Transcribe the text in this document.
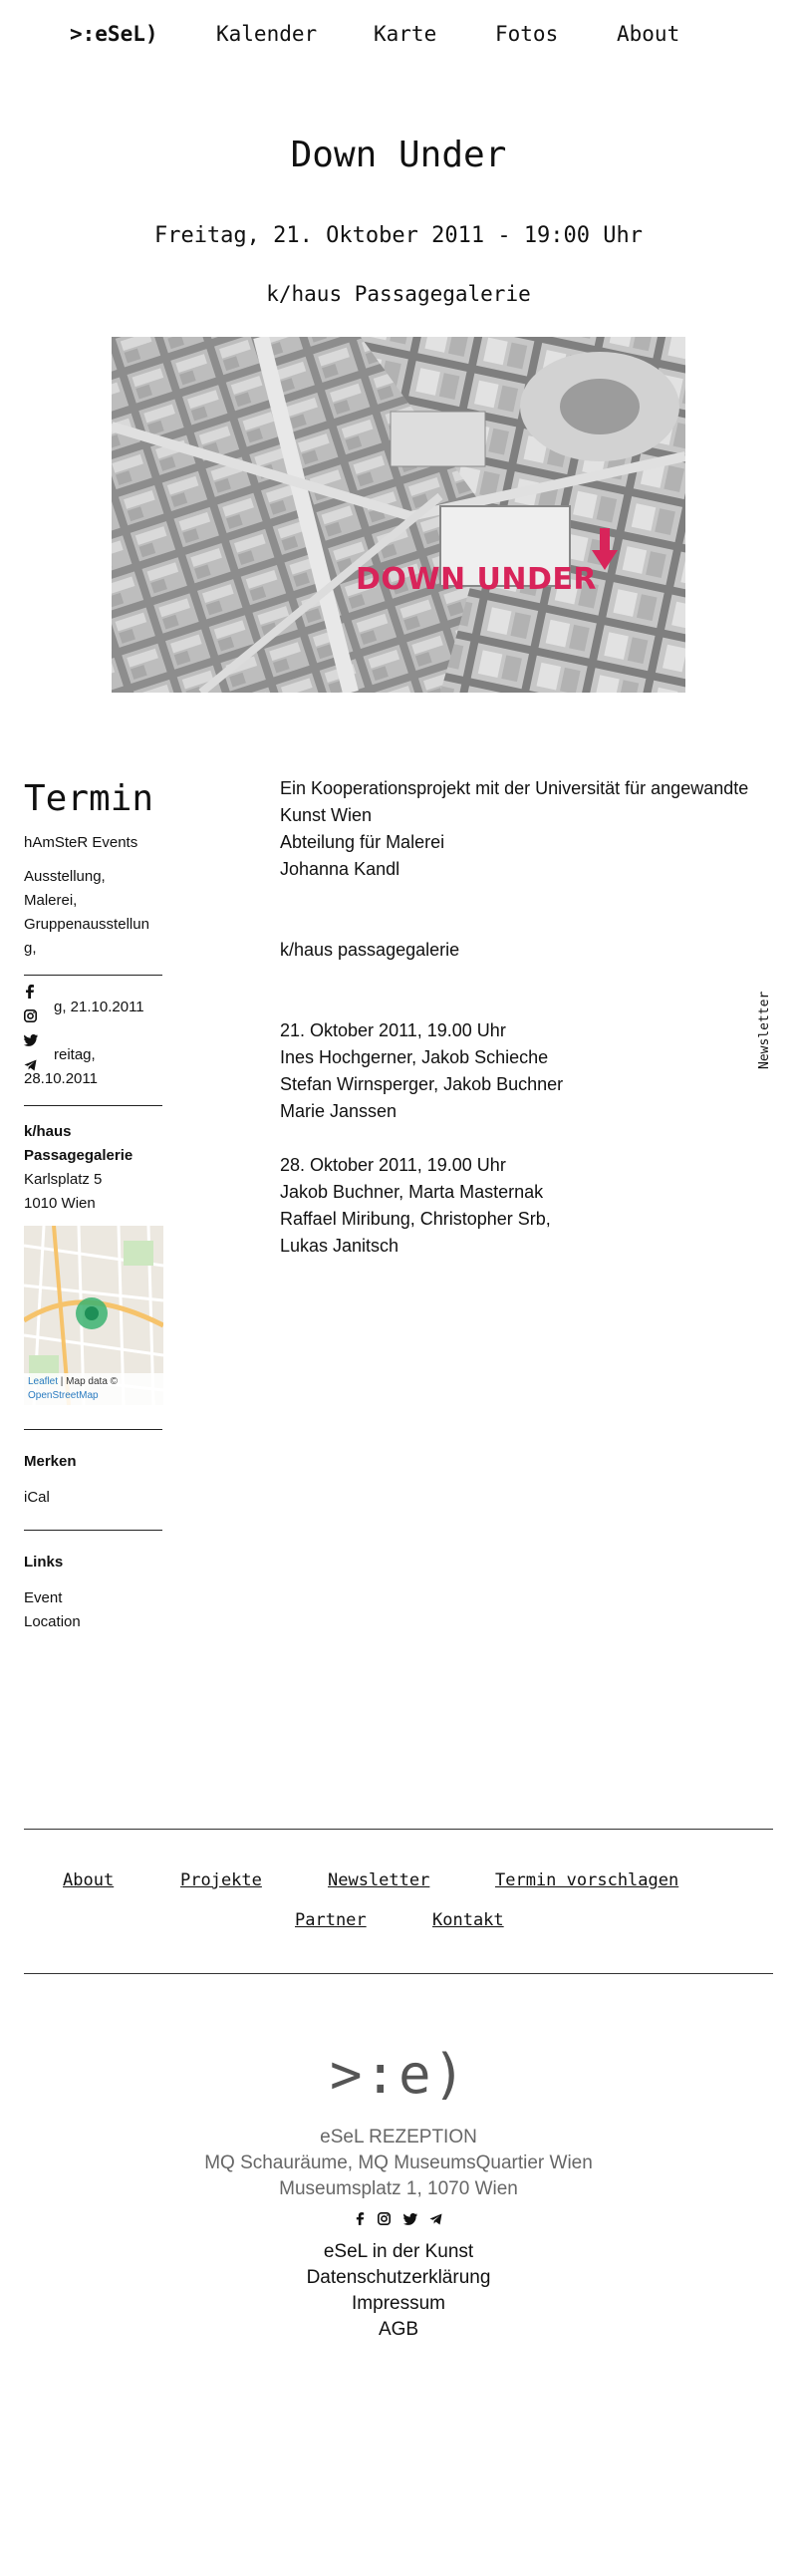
>:eSeL)	Kalender	Karte	Fotos	About
Down Under
Freitag, 21. Oktober 2011 - 19:00 Uhr
k/haus Passagegalerie
DOWN UNDER
Termin
hAmSteR Events
Ausstellung,
Malerei,
Gruppenausstellun
g,
g, 21.10.2011
reitag,
28.10.2011
k/haus
Passagegalerie
Karlsplatz 5
1010 Wien
Leaflet | Map data ©
OpenStreetMap
Merken
iCal
Links
Event
Location

Ein Kooperationsprojekt mit der Universität für angewandte

Kunst Wien

Abteilung für Malerei

Johanna Kandl

k/haus passagegalerie

21. Oktober 2011, 19.00 Uhr

Ines Hochgerner, Jakob Schieche

Stefan Wirnsperger, Jakob Buchner

Marie Janssen

28. Oktober 2011, 19.00 Uhr

Jakob Buchner, Marta Masternak

Raffael Miribung, Christopher Srb,

Lukas Janitsch

Newsletter
About	Projekte	Newsletter	Termin vorschlagen
Partner	Kontakt
>:e)
eSeL REZEPTION
MQ Schauräume, MQ MuseumsQuartier Wien
Museumsplatz 1, 1070 Wien

eSeL in der Kunst
Datenschutzerklärung
Impressum
AGB
